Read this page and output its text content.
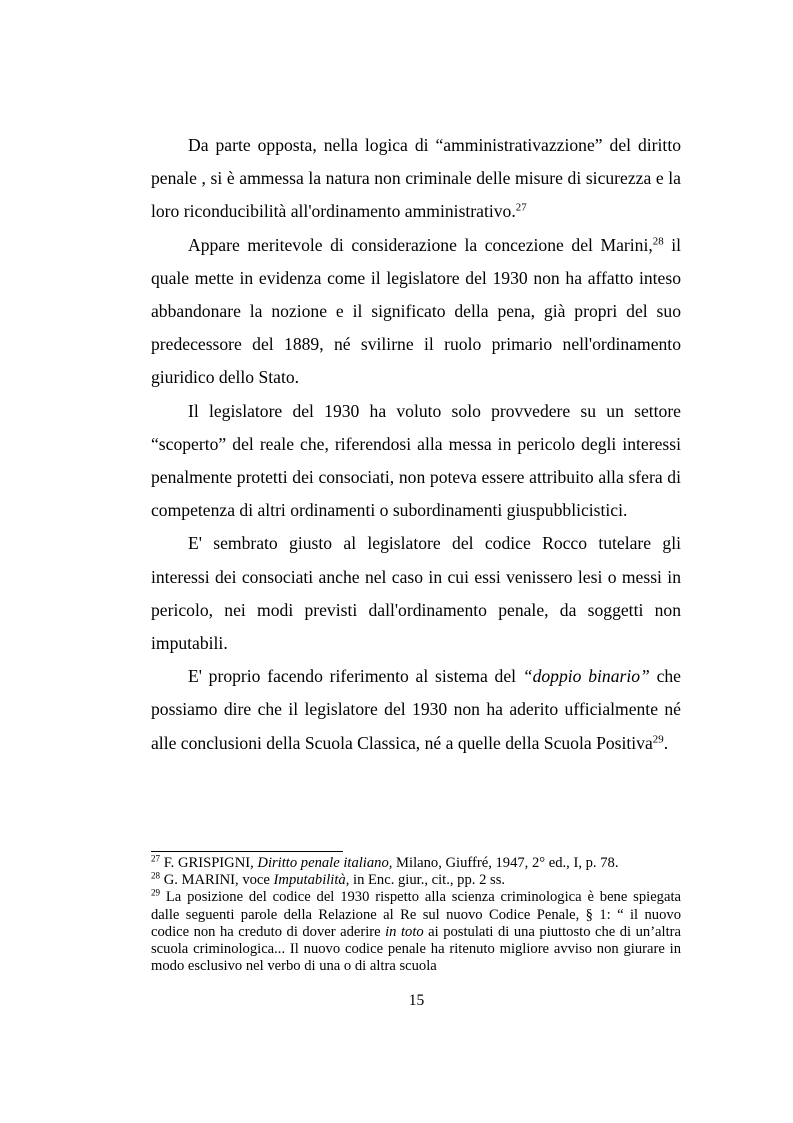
Da parte opposta, nella logica di “amministrativazzione” del diritto penale , si è ammessa la natura non criminale delle misure di sicurezza e la loro riconducibilità all'ordinamento amministrativo.$^{27}$

Appare meritevole di considerazione la concezione del Marini,$^{28}$ il quale mette in evidenza come il legislatore del 1930 non ha affatto inteso abbandonare la nozione e il significato della pena, già propri del suo predecessore del 1889, né svilirne il ruolo primario nell'ordinamento giuridico dello Stato.

Il legislatore del 1930 ha voluto solo provvedere su un settore “scoperto” del reale che, riferendosi alla messa in pericolo degli interessi penalmente protetti dei consociati, non poteva essere attribuito alla sfera di competenza di altri ordinamenti o subordinamenti giuspubblicistici.

E' sembrato giusto al legislatore del codice Rocco tutelare gli interessi dei consociati anche nel caso in cui essi venissero lesi o messi in pericolo, nei modi previsti dall'ordinamento penale, da soggetti non imputabili.

E' proprio facendo riferimento al sistema del “doppio binario” che possiamo dire che il legislatore del 1930 non ha aderito ufficialmente né alle conclusioni della Scuola Classica, né a quelle della Scuola Positiva$^{29}$.

$^{27}$ F. GRISPIGNI, Diritto penale italiano, Milano, Giuffré, 1947, 2° ed., I, p. 78.

$^{28}$ G. MARINI, voce Imputabilità, in Enc. giur., cit., pp. 2 ss.

$^{29}$ La posizione del codice del 1930 rispetto alla scienza criminologica è bene spiegata dalle seguenti parole della Relazione al Re sul nuovo Codice Penale, § 1: “ il nuovo codice non ha creduto di dover aderire in toto ai postulati di una piuttosto che di un’altra scuola criminologica... Il nuovo codice penale ha ritenuto migliore avviso non giurare in modo esclusivo nel verbo di una o di altra scuola

15
